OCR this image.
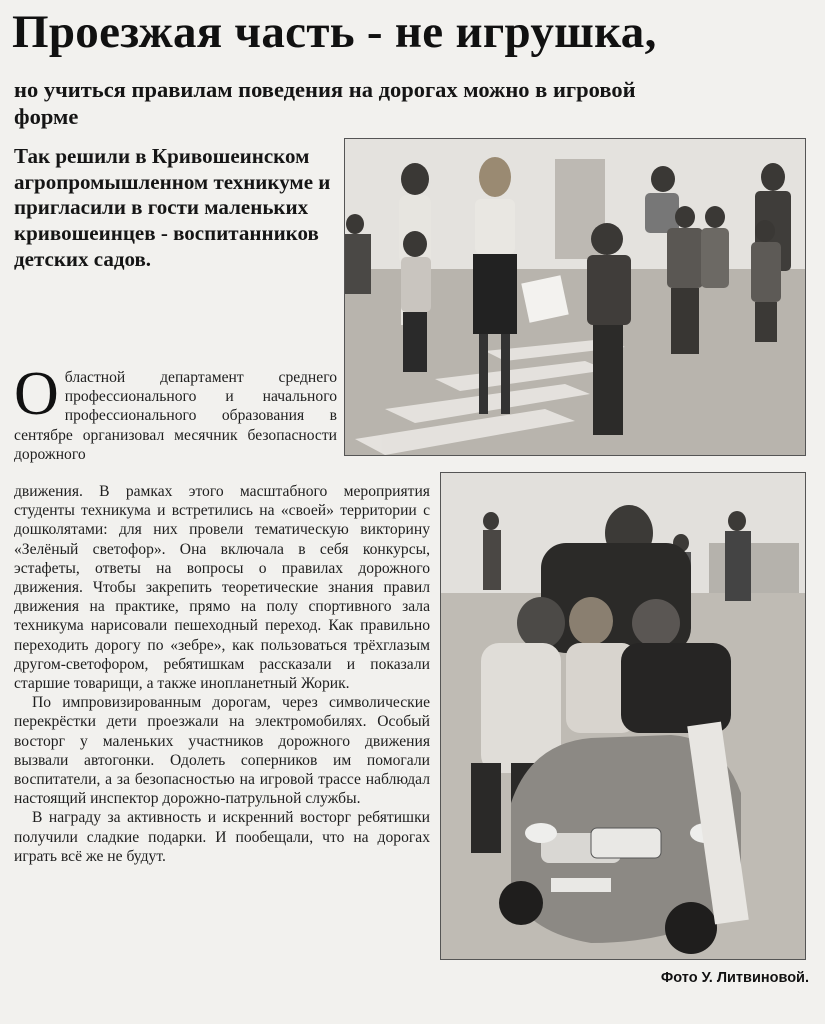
Проезжая часть - не игрушка,
но учиться правилам поведения на дорогах можно в игровой форме
Так решили в Кривошеинском агропромышленном техникуме и пригласили в гости маленьких кривошеинцев - воспитанников детских садов.
Областной департамент среднего профессионального и начального профессионального образования в сентябре организовал месячник безопасности дорожного

движения. В рамках этого масштабного мероприятия студенты техникума и встретились на «своей» территории с дошколятами: для них провели тематическую викторину «Зелёный светофор». Она включала в себя конкурсы, эстафеты, ответы на вопросы о правилах дорожного движения. Чтобы закрепить теоретические знания правил движения на практике, прямо на полу спортивного зала техникума нарисовали пешеходный переход. Как правильно переходить дорогу по «зебре», как пользоваться трёхглазым другом-светофором, ребятишкам рассказали и показали старшие товарищи, а также инопланетный Жорик.

По импровизированным дорогам, через символические перекрёстки дети проезжали на электромобилях. Особый восторг у маленьких участников дорожного движения вызвали автогонки. Одолеть соперников им помогали воспитатели, а за безопасностью на игровой трассе наблюдал настоящий инспектор дорожно-патрульной службы.

В награду за активность и искренний восторг ребятишки получили сладкие подарки. И пообещали, что на дорогах играть всё же не будут.

Фото У. Литвиновой.
